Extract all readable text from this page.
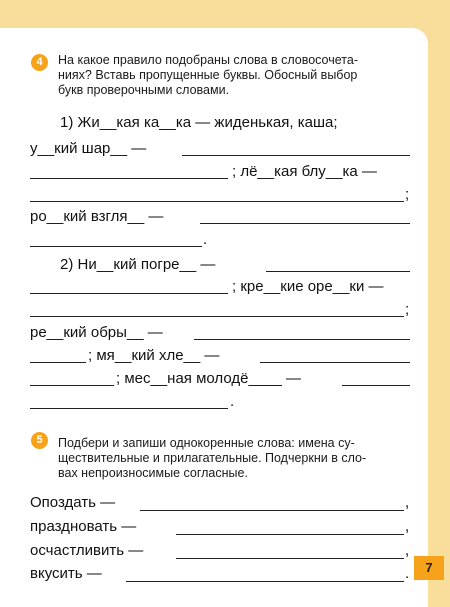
4	На какое правило подобраны слова в словосочета-
ниях? Вставь пропущенные буквы. Обосный выбор
букв проверочными словами.
1) Жи__кая ка__ка — жиденькая, каша;
у__кий шар__ —
; лё__кая блу__ка —
;
ро__кий взгля__ —
.
2) Ни__кий погре__ —
; кре__кие оре__ки —
;
ре__кий обры__ —
; мя__кий хле__ —
; мес__ная молодё____ —
.
5	Подбери и запиши однокоренные слова: имена су-
ществительные и прилагательные. Подчеркни в сло-
вах непроизносимые согласные.
Опоздать —	,
праздновать —	,
осчастливить —	,
вкусить —	.	7
